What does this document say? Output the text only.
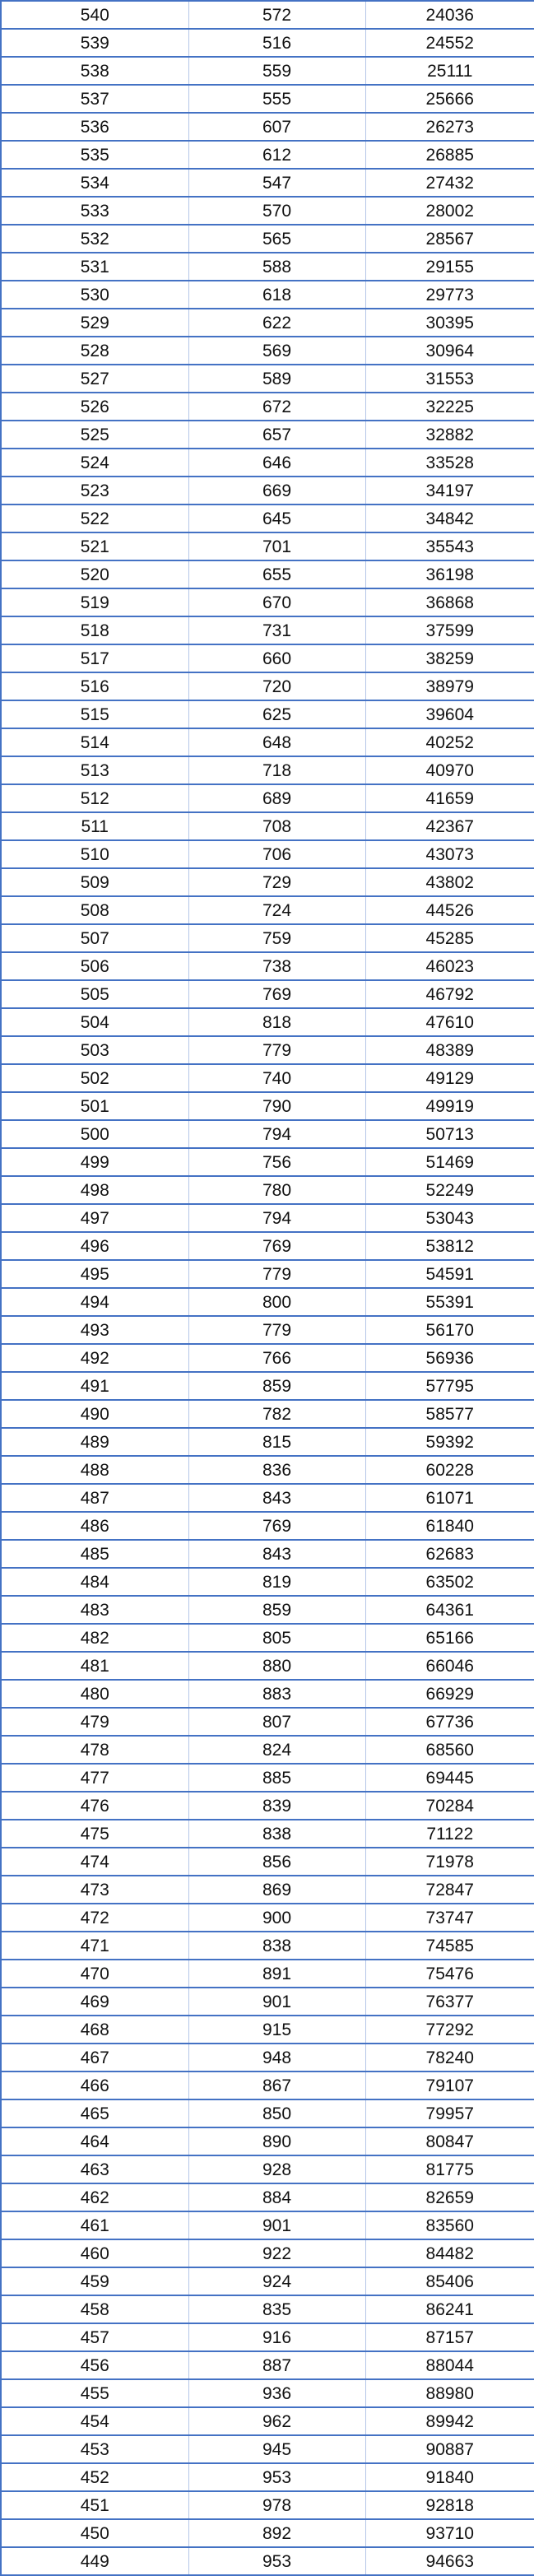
540	572	24036
539	516	24552
538	559	25111
537	555	25666
536	607	26273
535	612	26885
534	547	27432
533	570	28002
532	565	28567
531	588	29155
530	618	29773
529	622	30395
528	569	30964
527	589	31553
526	672	32225
525	657	32882
524	646	33528
523	669	34197
522	645	34842
521	701	35543
520	655	36198
519	670	36868
518	731	37599
517	660	38259
516	720	38979
515	625	39604
514	648	40252
513	718	40970
512	689	41659
511	708	42367
510	706	43073
509	729	43802
508	724	44526
507	759	45285
506	738	46023
505	769	46792
504	818	47610
503	779	48389
502	740	49129
501	790	49919
500	794	50713
499	756	51469
498	780	52249
497	794	53043
496	769	53812
495	779	54591
494	800	55391
493	779	56170
492	766	56936
491	859	57795
490	782	58577
489	815	59392
488	836	60228
487	843	61071
486	769	61840
485	843	62683
484	819	63502
483	859	64361
482	805	65166
481	880	66046
480	883	66929
479	807	67736
478	824	68560
477	885	69445
476	839	70284
475	838	71122
474	856	71978
473	869	72847
472	900	73747
471	838	74585
470	891	75476
469	901	76377
468	915	77292
467	948	78240
466	867	79107
465	850	79957
464	890	80847
463	928	81775
462	884	82659
461	901	83560
460	922	84482
459	924	85406
458	835	86241
457	916	87157
456	887	88044
455	936	88980
454	962	89942
453	945	90887
452	953	91840
451	978	92818
450	892	93710
449	953	94663
